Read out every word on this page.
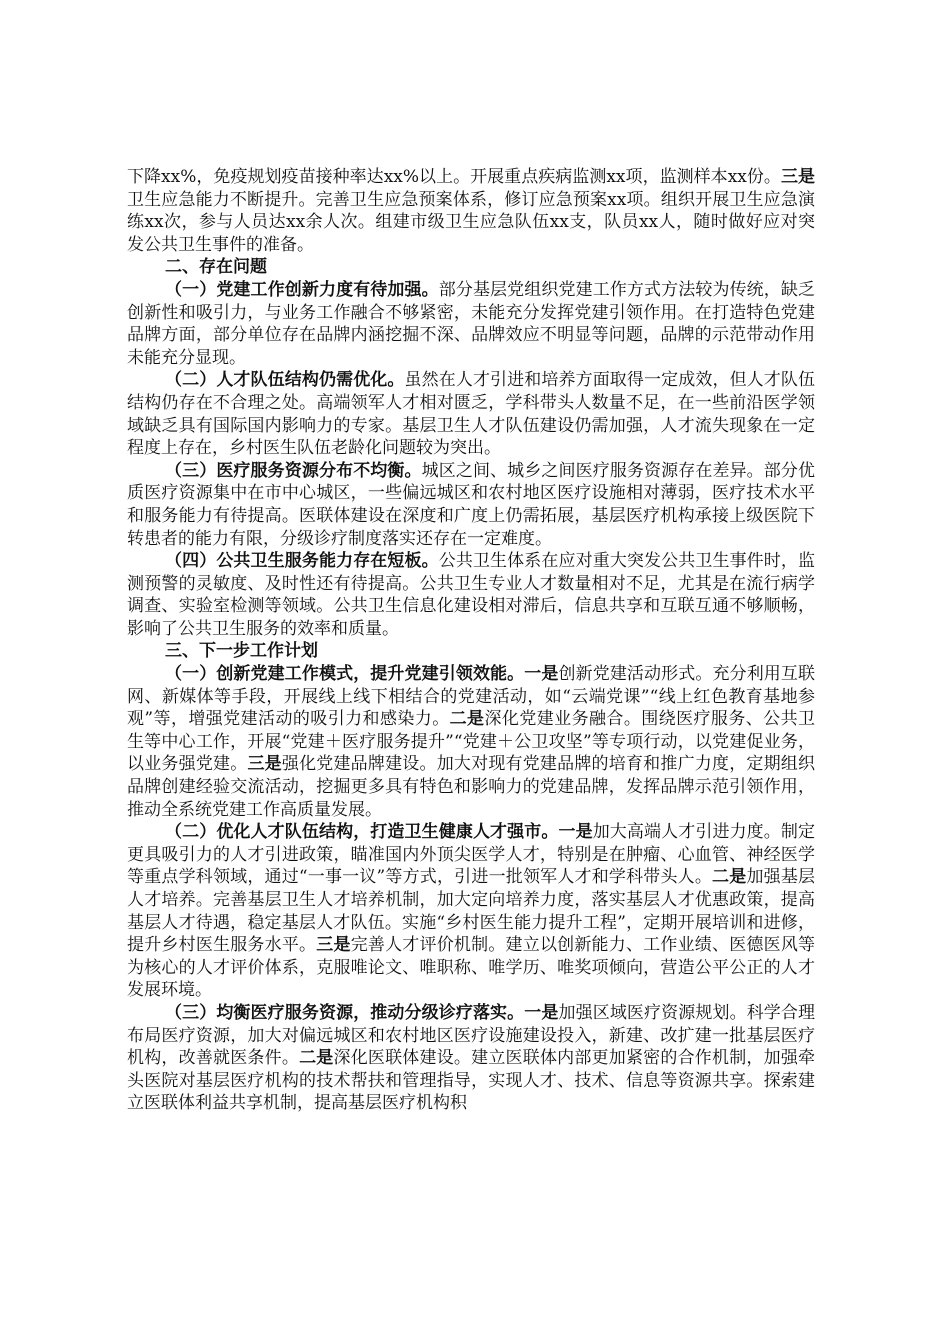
下降xx%，免疫规划疫苗接种率达xx%以上。开展重点疾病监测xx项，监测样本xx份。三是卫生应急能力不断提升。完善卫生应急预案体系，修订应急预案xx项。组织开展卫生应急演练xx次，参与人员达xx余人次。组建市级卫生应急队伍xx支，队员xx人，随时做好应对突发公共卫生事件的准备。

二、存在问题

（一）党建工作创新力度有待加强。部分基层党组织党建工作方式方法较为传统，缺乏创新性和吸引力，与业务工作融合不够紧密，未能充分发挥党建引领作用。在打造特色党建品牌方面，部分单位存在品牌内涵挖掘不深、品牌效应不明显等问题，品牌的示范带动作用未能充分显现。

（二）人才队伍结构仍需优化。虽然在人才引进和培养方面取得一定成效，但人才队伍结构仍存在不合理之处。高端领军人才相对匮乏，学科带头人数量不足，在一些前沿医学领域缺乏具有国际国内影响力的专家。基层卫生人才队伍建设仍需加强，人才流失现象在一定程度上存在，乡村医生队伍老龄化问题较为突出。

（三）医疗服务资源分布不均衡。城区之间、城乡之间医疗服务资源存在差异。部分优质医疗资源集中在市中心城区，一些偏远城区和农村地区医疗设施相对薄弱，医疗技术水平和服务能力有待提高。医联体建设在深度和广度上仍需拓展，基层医疗机构承接上级医院下转患者的能力有限，分级诊疗制度落实还存在一定难度。

（四）公共卫生服务能力存在短板。公共卫生体系在应对重大突发公共卫生事件时，监测预警的灵敏度、及时性还有待提高。公共卫生专业人才数量相对不足，尤其是在流行病学调查、实验室检测等领域。公共卫生信息化建设相对滞后，信息共享和互联互通不够顺畅，影响了公共卫生服务的效率和质量。

三、下一步工作计划

（一）创新党建工作模式，提升党建引领效能。一是创新党建活动形式。充分利用互联网、新媒体等手段，开展线上线下相结合的党建活动，如“云端党课”“线上红色教育基地参观”等，增强党建活动的吸引力和感染力。二是深化党建业务融合。围绕医疗服务、公共卫生等中心工作，开展“党建＋医疗服务提升”“党建＋公卫攻坚”等专项行动，以党建促业务，以业务强党建。三是强化党建品牌建设。加大对现有党建品牌的培育和推广力度，定期组织品牌创建经验交流活动，挖掘更多具有特色和影响力的党建品牌，发挥品牌示范引领作用，推动全系统党建工作高质量发展。

（二）优化人才队伍结构，打造卫生健康人才强市。一是加大高端人才引进力度。制定更具吸引力的人才引进政策，瞄准国内外顶尖医学人才，特别是在肿瘤、心血管、神经医学等重点学科领域，通过“一事一议”等方式，引进一批领军人才和学科带头人。二是加强基层人才培养。完善基层卫生人才培养机制，加大定向培养力度，落实基层人才优惠政策，提高基层人才待遇，稳定基层人才队伍。实施“乡村医生能力提升工程”，定期开展培训和进修，提升乡村医生服务水平。三是完善人才评价机制。建立以创新能力、工作业绩、医德医风等为核心的人才评价体系，克服唯论文、唯职称、唯学历、唯奖项倾向，营造公平公正的人才发展环境。

（三）均衡医疗服务资源，推动分级诊疗落实。一是加强区域医疗资源规划。科学合理布局医疗资源，加大对偏远城区和农村地区医疗设施建设投入，新建、改扩建一批基层医疗机构，改善就医条件。二是深化医联体建设。建立医联体内部更加紧密的合作机制，加强牵头医院对基层医疗机构的技术帮扶和管理指导，实现人才、技术、信息等资源共享。探索建立医联体利益共享机制，提高基层医疗机构积
